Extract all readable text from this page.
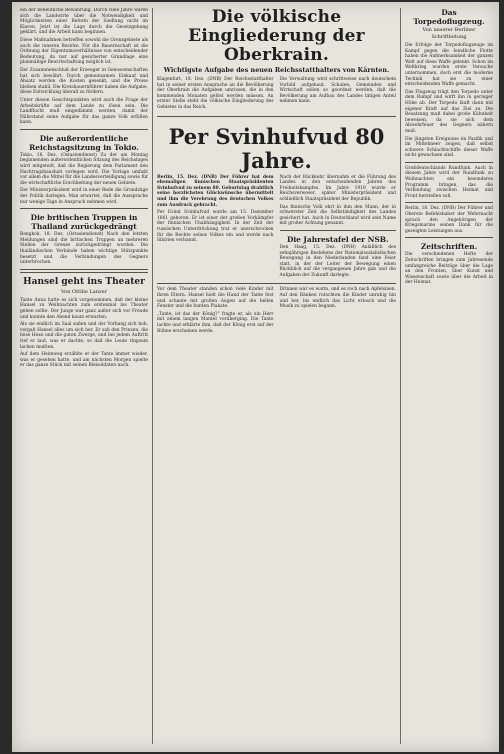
ein der bedeutliche Bewahrung. Durch viele Jahre waren sich die Landwirte über die Notwendigkeit und Möglichkeiten einer Reform der Siedlung nicht im Klaren. Jetzt ist die Lage durch die Gesetzgebung geklärt, und die Arbeit kann beginnen.

Diese Maßnahmen betreffen sowohl die Grenzgebiete als auch die inneren Bezirke. Für die Bauernschaft ist die Ordnung der Eigentumsverhältnisse von entscheidender Bedeutung, da nur auf gesicherter Grundlage eine planmäßige Bewirtschaftung möglich ist.

Der Zusammenschluß der Erzeuger in Genossenschaften hat sich bewährt. Durch gemeinsamen Einkauf und Absatz werden die Kosten gesenkt, und die Preise bleiben stabil. Die Kreisbauernführer haben die Aufgabe, diese Entwicklung überall zu fördern.

Unter diesen Gesichtspunkten wird auch die Frage der Arbeitskräfte auf dem Lande zu lösen sein. Die Landflucht muß eingedämmt werden, damit der Nährstand seine Aufgabe für das ganze Volk erfüllen kann.

Die außerordentliche Reichstagsitzung in Tokio.

Tokio, 18. Dez. (Ostasiendienst) Zu der am Montag beginnenden außerordentlichen Sitzung des Reichstages wird mitgeteilt, daß die Regierung dem Parlament den Nachtragshaushalt vorlegen wird. Die Vorlage umfaßt vor allem die Mittel für die Landesverteidigung sowie für die wirtschaftliche Erschließung der neuen Gebiete.

Der Ministerpräsident wird in einer Rede die Grundzüge der Politik darlegen. Man erwartet, daß die Aussprache nur wenige Tage in Anspruch nehmen wird.

Die britischen Truppen in Thailand zurückgedrängt

Bangkok, 18. Dez. (Ostasiendienst) Nach den letzten Meldungen sind die britischen Truppen an mehreren Stellen der Grenze zurückgedrängt worden. Die thailändischen Verbände haben wichtige Stützpunkte besetzt und die Verbindungen des Gegners unterbrochen.

Hansel geht ins Theater
Von Ottilie Lanzer

Tante Anna hatte es sich vorgenommen, daß der kleine Hansel zu Weihnachten zum erstenmal ins Theater gehen sollte. Der Junge war ganz außer sich vor Freude und konnte den Abend kaum erwarten.

Als sie endlich im Saal saßen und der Vorhang sich hob, vergaß Hansel alles um sich her. Er sah den Prinzen, die böse Hexe und die guten Zwerge, und bei jedem Auftritt rief er laut, was er dachte, so daß die Leute ringsum lachen mußten.

Auf dem Heimweg erzählte er der Tante immer wieder, was er gesehen hatte, und am nächsten Morgen spielte er das ganze Stück mit seinen Bleisoldaten nach.

Die völkische Eingliederung der Oberkrain.
Wichtigste Aufgabe des neuen Reichsstatthalters von Kärnten.

Klagenfurt, 18. Dez. (DNB) Der Reichsstatthalter hat in seiner ersten Ansprache an die Bevölkerung der Oberkrain die Aufgaben umrissen, die in den kommenden Monaten gelöst werden müssen. An erster Stelle steht die völkische Eingliederung des Gebietes in das Reich.

Die Verwaltung wird schrittweise nach deutschem Vorbild aufgebaut. Schulen, Gemeinden und Wirtschaft sollen so geordnet werden, daß die Bevölkerung am Aufbau des Landes tätigen Anteil nehmen kann.

Per Svinhufvud 80 Jahre.

Berlin, 15. Dez. (DNB) Der Führer hat dem ehemaligen finnischen Staatspräsidenten Svinhufvud zu seinem 80. Geburtstag drahtlich seine herzlichsten Glückwünsche übermittelt und ihm die Verehrung des deutschen Volkes zum Ausdruck gebracht.

Per Evind Svinhufvud wurde am 15. Dezember 1861 geboren. Er ist einer der großen Vorkämpfer der finnischen Unabhängigkeit. In der Zeit der russischen Unterdrückung trat er unerschrocken für die Rechte seines Volkes ein und wurde nach Sibirien verbannt.

Nach der Rückkehr übernahm er die Führung des Landes in den entscheidenden Jahren des Freiheitskampfes. Im Jahre 1918 wurde er Reichsverweser, später Ministerpräsident und schließlich Staatspräsident der Republik.

Das finnische Volk ehrt in ihm den Mann, der in schwerster Zeit die Selbständigkeit des Landes gesichert hat. Auch in Deutschland wird sein Name mit großer Achtung genannt.

Die Jahrestafel der NSB.

Den Haag, 15. Dez. (DNB) Anläßlich des zehnjährigen Bestehens der Nationalsozialistischen Bewegung in den Niederlanden fand eine Feier statt, in der der Leiter der Bewegung einen Rückblick auf die vergangenen Jahre gab und die Aufgaben der Zukunft darlegte.

Vor dem Theater standen schon viele Kinder mit ihren Eltern. Hansel hielt die Hand der Tante fest und schaute mit großen Augen auf die hellen Fenster und die bunten Plakate.

„Tante, ist das der König?“ fragte er, als ein Herr mit einem langen Mantel vorüberging. Die Tante lachte und erklärte ihm, daß der König erst auf der Bühne erscheinen werde.

Drinnen war es warm, und es roch nach Apfelsinen. Auf den Bänken rutschten die Kinder unruhig hin und her, bis endlich das Licht erlosch und die Musik zu spielen begann.

Das Torpedoflugzeug.
Von unserer Berliner Schriftleitung

Die Erfolge der Torpedoflugzeuge im Kampf gegen die feindliche Flotte haben die Aufmerksamkeit der ganzen Welt auf diese Waffe gelenkt. Schon im Weltkrieg wurden erste Versuche unternommen, doch erst die moderne Technik hat sie zu einer entscheidenden Waffe gemacht.

Das Flugzeug trägt den Torpedo unter dem Rumpf und wirft ihn in geringer Höhe ab. Der Torpedo läuft dann mit eigener Kraft auf das Ziel zu. Die Besatzung muß dabei große Kühnheit beweisen, da sie sich dem Abwehrfeuer des Gegners nähern muß.

Die jüngsten Ereignisse im Pazifik und im Mittelmeer zeigen, daß selbst schwere Schlachtschiffe dieser Waffe nicht gewachsen sind.

Großdeutschlands Rundfunk. Auch in diesem Jahre wird der Rundfunk zu Weihnachten ein besonderes Programm bringen, das die Verbindung zwischen Heimat und Front herstellen soll.

Berlin, 18. Dez. (DNB) Der Führer und Oberste Befehlshaber der Wehrmacht sprach den Angehörigen der Kriegsmarine seinen Dank für die gezeigten Leistungen aus.

Zeitschriften.

Die verschiedenen Hefte der Zeitschriften bringen zum Jahresende umfangreiche Beiträge über die Lage an den Fronten, über Kunst und Wissenschaft sowie über die Arbeit in der Heimat.
